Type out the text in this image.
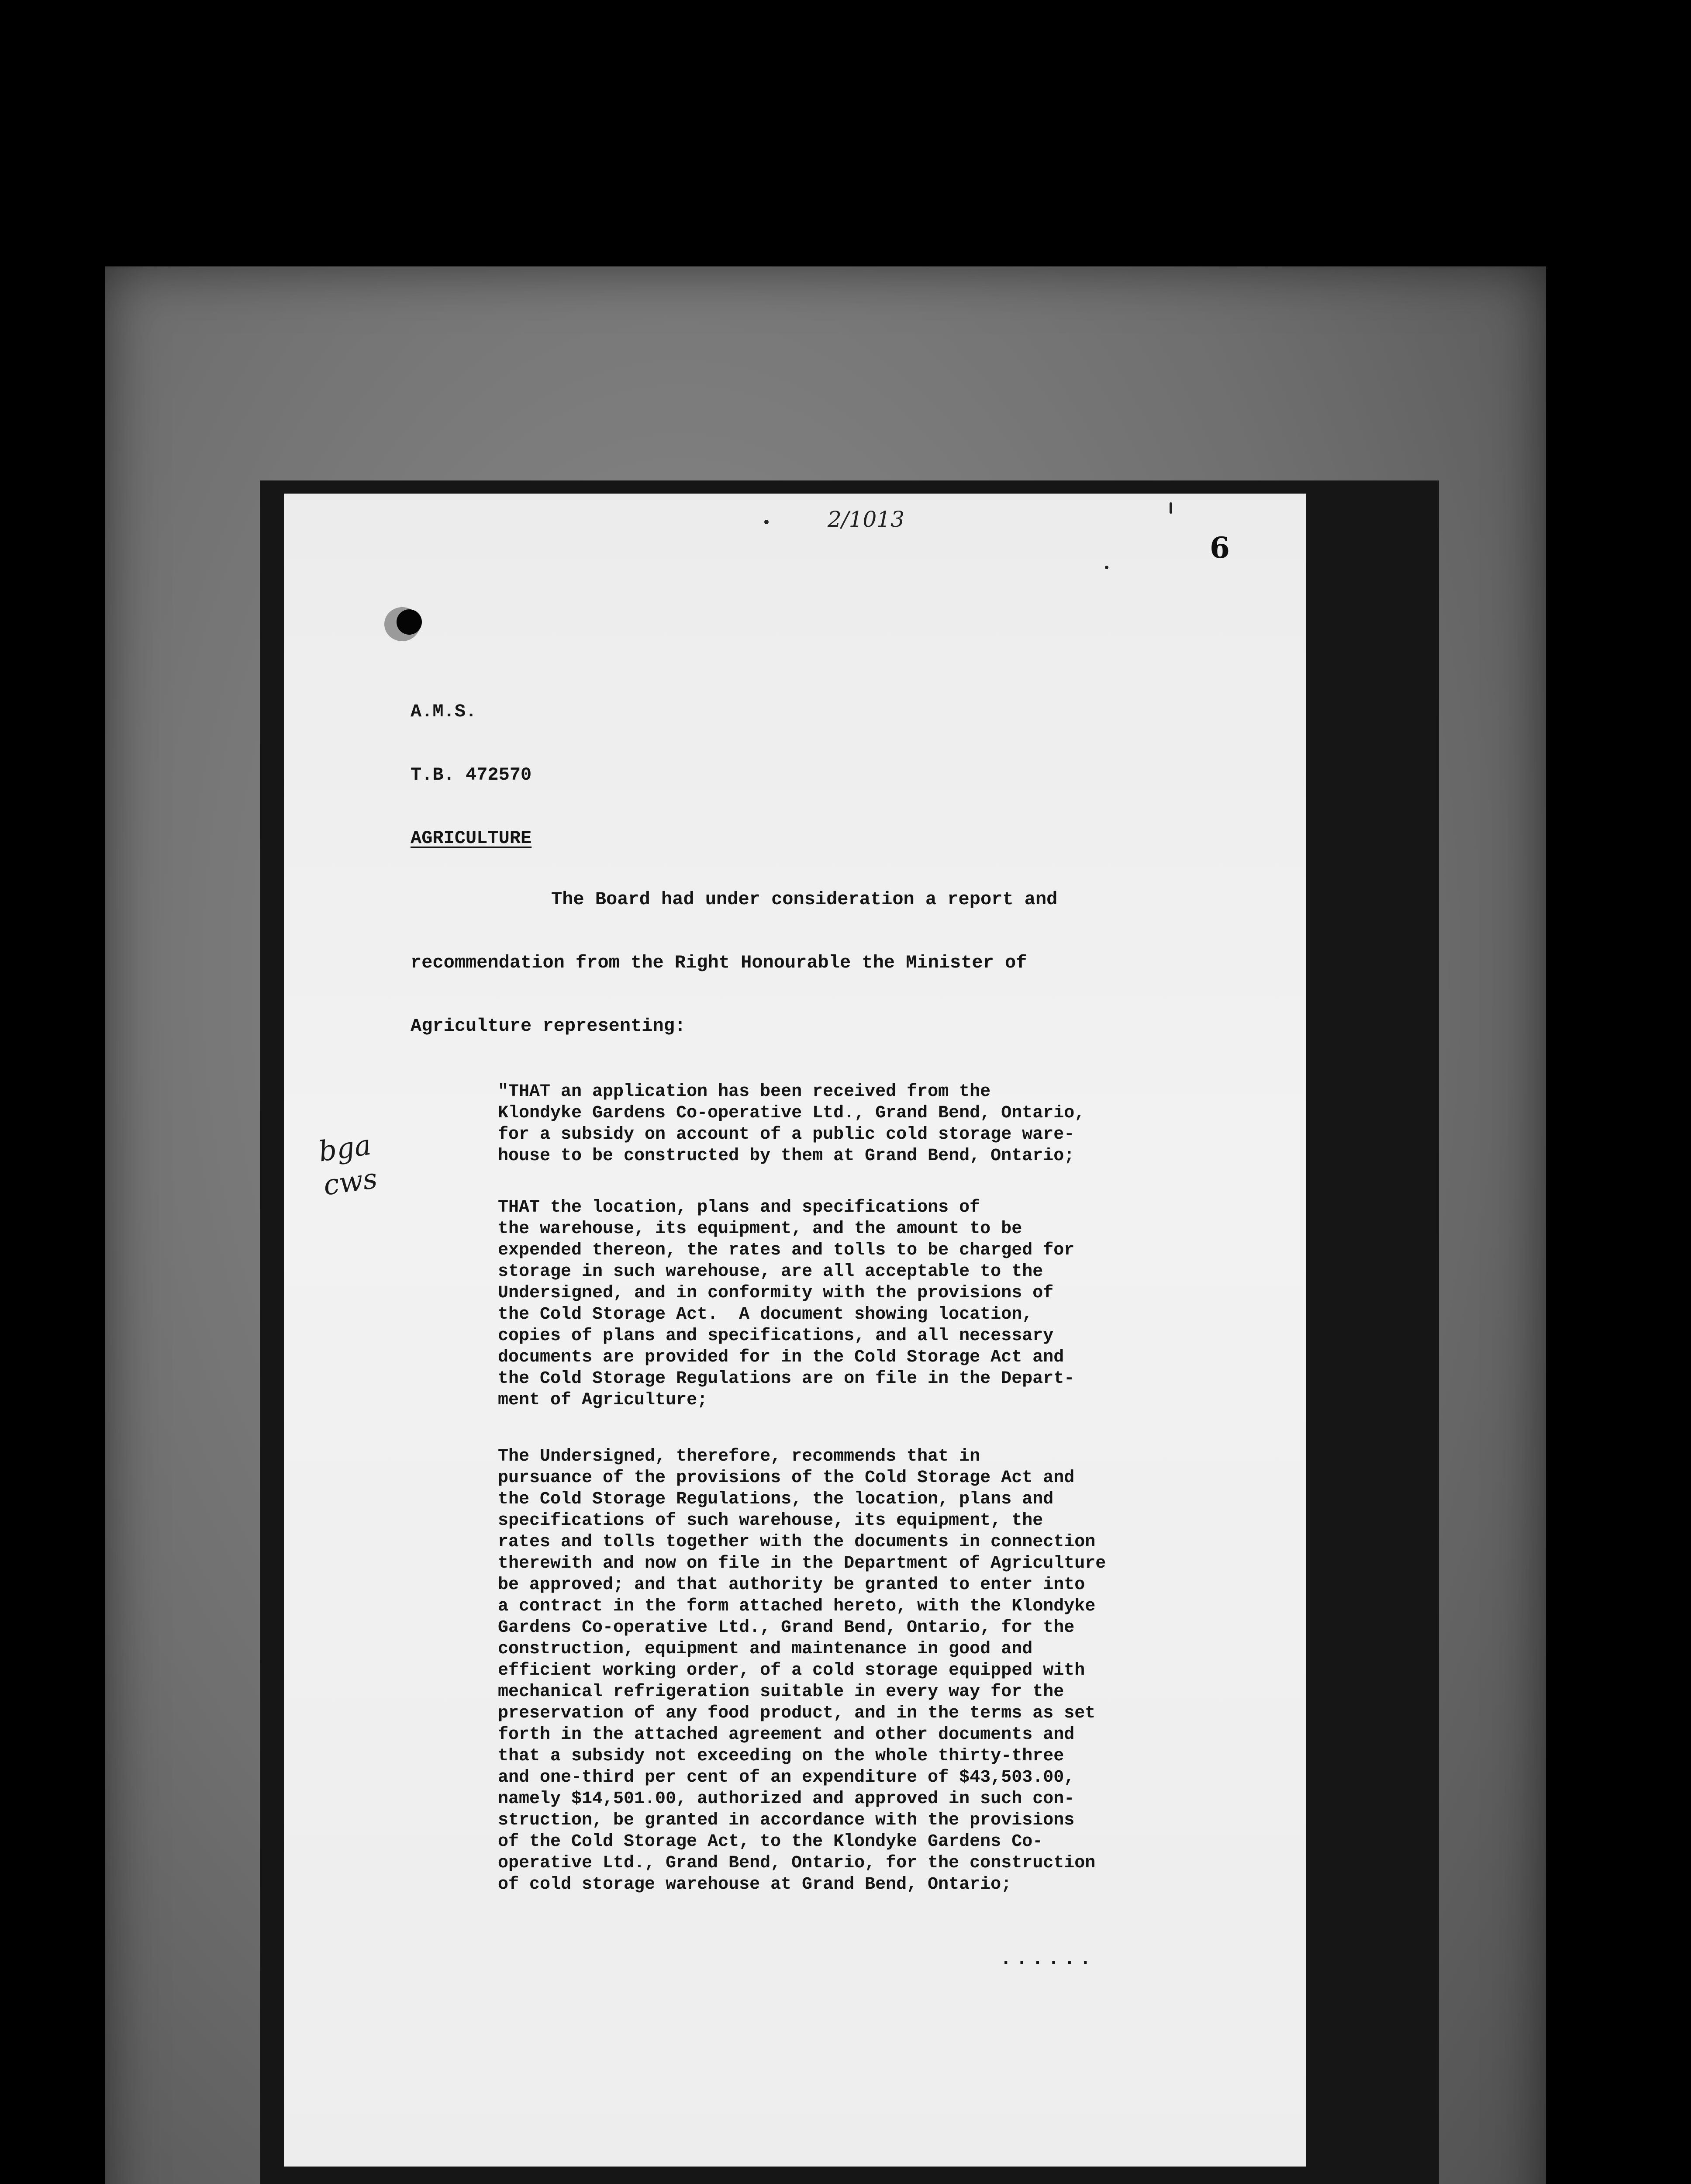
2/1013
6
A.M.S.
T.B. 472570
AGRICULTURE
The Board had under consideration a report and
recommendation from the Right Honourable the Minister of
Agriculture representing:
bga
cws
"THAT an application has been received from the
Klondyke Gardens Co-operative Ltd., Grand Bend, Ontario,
for a subsidy on account of a public cold storage ware-
house to be constructed by them at Grand Bend, Ontario;
THAT the location, plans and specifications of
the warehouse, its equipment, and the amount to be
expended thereon, the rates and tolls to be charged for
storage in such warehouse, are all acceptable to the
Undersigned, and in conformity with the provisions of
the Cold Storage Act.  A document showing location,
copies of plans and specifications, and all necessary
documents are provided for in the Cold Storage Act and
the Cold Storage Regulations are on file in the Depart-
ment of Agriculture;
The Undersigned, therefore, recommends that in
pursuance of the provisions of the Cold Storage Act and
the Cold Storage Regulations, the location, plans and
specifications of such warehouse, its equipment, the
rates and tolls together with the documents in connection
therewith and now on file in the Department of Agriculture
be approved; and that authority be granted to enter into
a contract in the form attached hereto, with the Klondyke
Gardens Co-operative Ltd., Grand Bend, Ontario, for the
construction, equipment and maintenance in good and
efficient working order, of a cold storage equipped with
mechanical refrigeration suitable in every way for the
preservation of any food product, and in the terms as set
forth in the attached agreement and other documents and
that a subsidy not exceeding on the whole thirty-three
and one-third per cent of an expenditure of $43,503.00,
namely $14,501.00, authorized and approved in such con-
struction, be granted in accordance with the provisions
of the Cold Storage Act, to the Klondyke Gardens Co-
operative Ltd., Grand Bend, Ontario, for the construction
of cold storage warehouse at Grand Bend, Ontario;
......
